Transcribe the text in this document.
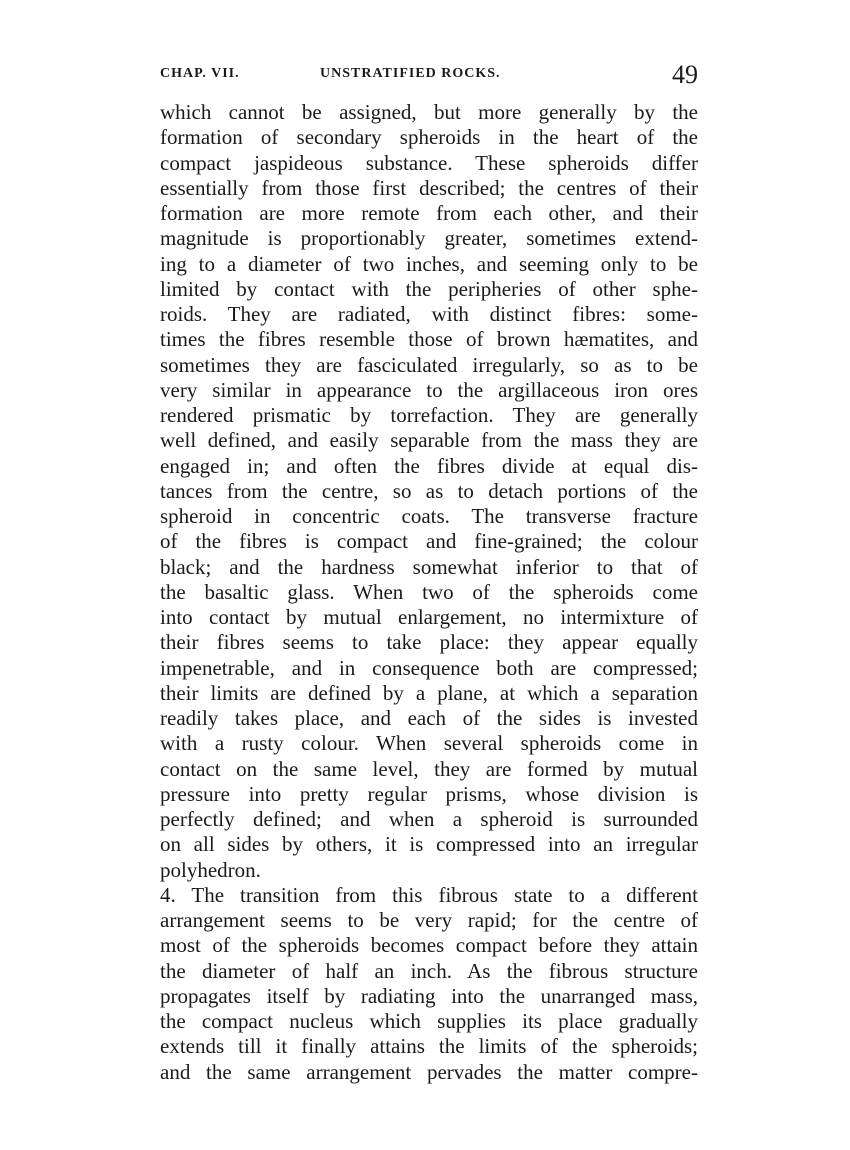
CHAP. VII.	UNSTRATIFIED ROCKS.	49
which cannot be assigned, but more generally by the
formation of secondary spheroids in the heart of the
compact jaspideous substance. These spheroids differ
essentially from those first described; the centres of their
formation are more remote from each other, and their
magnitude is proportionably greater, sometimes extend-
ing to a diameter of two inches, and seeming only to be
limited by contact with the peripheries of other sphe-
roids. They are radiated, with distinct fibres: some-
times the fibres resemble those of brown hæmatites, and
sometimes they are fasciculated irregularly, so as to be
very similar in appearance to the argillaceous iron ores
rendered prismatic by torrefaction. They are generally
well defined, and easily separable from the mass they are
engaged in; and often the fibres divide at equal dis-
tances from the centre, so as to detach portions of the
spheroid in concentric coats. The transverse fracture
of the fibres is compact and fine-grained; the colour
black; and the hardness somewhat inferior to that of
the basaltic glass. When two of the spheroids come
into contact by mutual enlargement, no intermixture of
their fibres seems to take place: they appear equally
impenetrable, and in consequence both are compressed;
their limits are defined by a plane, at which a separation
readily takes place, and each of the sides is invested
with a rusty colour. When several spheroids come in
contact on the same level, they are formed by mutual
pressure into pretty regular prisms, whose division is
perfectly defined; and when a spheroid is surrounded
on all sides by others, it is compressed into an irregular
polyhedron.
4. The transition from this fibrous state to a different
arrangement seems to be very rapid; for the centre of
most of the spheroids becomes compact before they attain
the diameter of half an inch. As the fibrous structure
propagates itself by radiating into the unarranged mass,
the compact nucleus which supplies its place gradually
extends till it finally attains the limits of the spheroids;
and the same arrangement pervades the matter compre-
